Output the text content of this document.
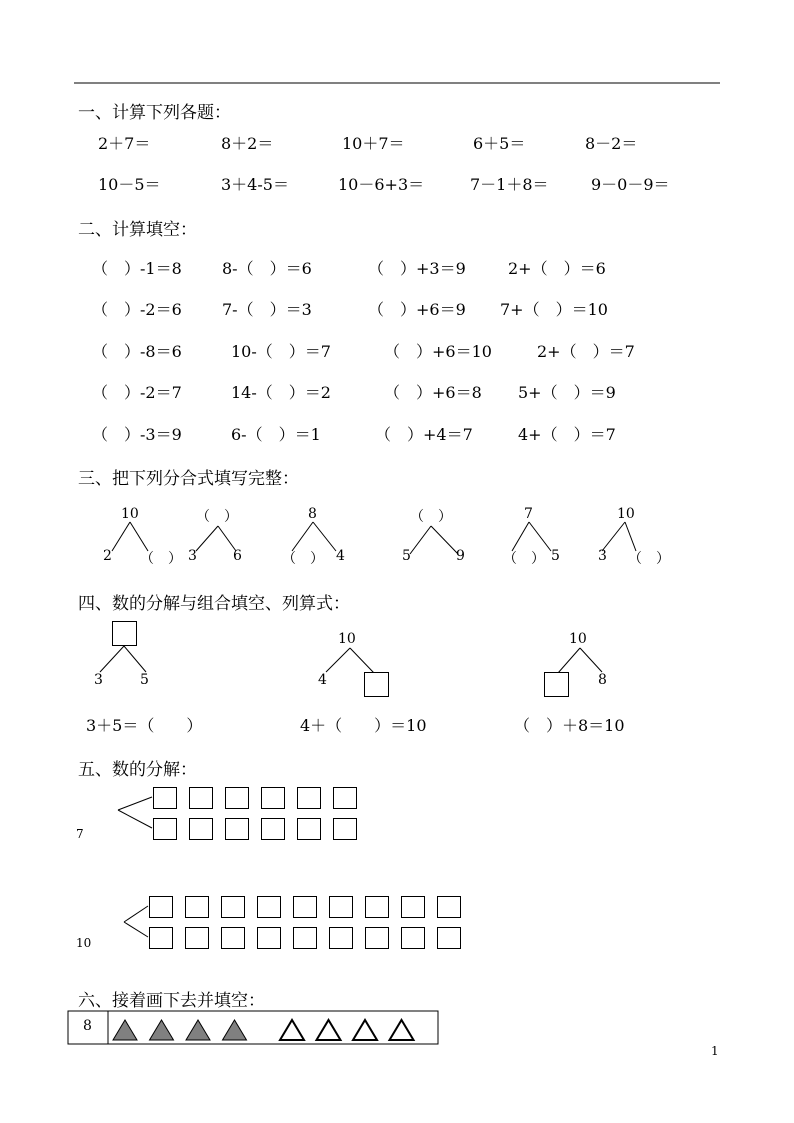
一、计算下列各题：
2＋7＝	8＋2＝	10＋7＝	6＋5＝	8－2＝
10－5＝	3＋4-5＝	10－6+3＝	7－1＋8＝	9－0－9＝
二、计算填空：
（　）-1＝8	8-（　）＝6	（　）+3＝9	2+（　）＝6
（　）-2＝6	7-（　）＝3	（　）+6＝9 7+（　）＝10
（　）-8＝6	10-（　）＝7	（　）+6＝10	2+（　）＝7
（　）-2＝7	14-（　）＝2	（　）+6＝8 5+（　）＝9
（　）-3＝9	6-（　）＝1	（　）+4＝7	4+（　）＝7
三、把下列分合式填写完整：
10
2 （　）
（　）
3	6
8
（　） 4
（　）
5	9
7
（　） 5
10
3 （　）
四、数的分解与组合填空、列算式：
3	5
3＋5＝（　　）
10
4
4＋（　　）＝10
10
8
（　）＋8＝10
五、数的分解：
7
10
六、接着画下去并填空：
8
1
